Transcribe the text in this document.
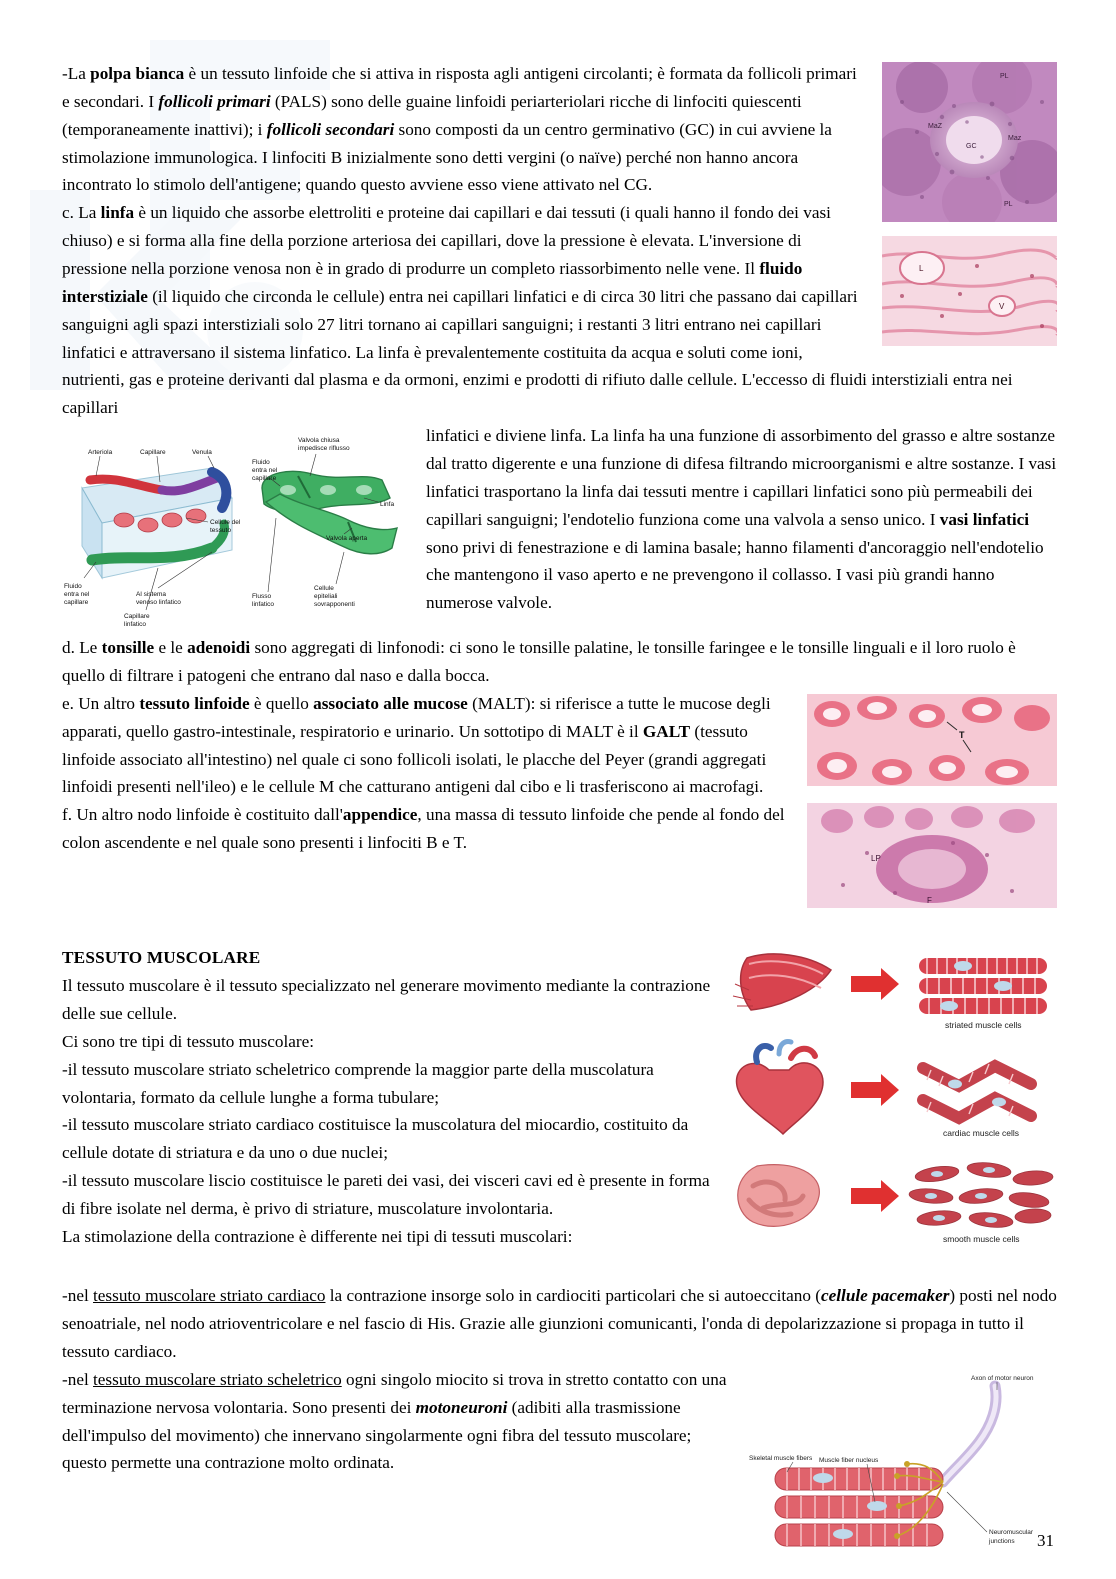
PL
MaZ
GC
Maz
PL

-La polpa bianca è un tessuto linfoide che si attiva in risposta agli antigeni circolanti; è formata da follicoli primari e secondari. I follicoli primari (PALS) sono delle guaine linfoidi periarteriolari ricche di linfociti quiescenti (temporaneamente inattivi); i follicoli secondari sono composti da un centro germinativo (GC) in cui avviene la stimolazione immunologica. I linfociti B inizialmente sono detti vergini (o naïve) perché non hanno ancora incontrato lo stimolo dell'antigene; quando questo avviene esso viene attivato nel CG.

L
V

c. La linfa è un liquido che assorbe elettroliti e proteine dai capillari e dai tessuti (i quali hanno il fondo dei vasi chiuso) e si forma alla fine della porzione arteriosa dei capillari, dove la pressione è elevata. L'inversione di pressione nella porzione venosa non è in grado di produrre un completo riassorbimento nelle vene. Il fluido interstiziale (il liquido che circonda le cellule) entra nei capillari linfatici e di circa 30 litri che passano dai capillari sanguigni agli spazi interstiziali solo 27 litri tornano ai capillari sanguigni; i restanti 3 litri entrano nei capillari linfatici e attraversano il sistema linfatico. La linfa è prevalentemente costituita da acqua e soluti come ioni, nutrienti, gas e proteine derivanti dal plasma e da ormoni, enzimi e prodotti di rifiuto dalle cellule. L'eccesso di fluidi interstiziali entra nei capillari

Arteriola	Capillare	Venula
Fluido
entra nel
capillare
Al sistema
venoso linfatico
Capillare
linfatico
Cellule del
tessuto
Valvola chiusa
impedisce riflusso
Fluido
entra nel
capillare
Linfa
Valvola aperta
Flusso
linfatico
Cellule
epiteliali
sovrapponenti

linfatici e diviene linfa. La linfa ha una funzione di assorbimento del grasso e altre sostanze dal tratto digerente e una funzione di difesa filtrando microorganismi e altre sostanze. I vasi linfatici trasportano la linfa dai tessuti mentre i capillari linfatici sono più permeabili dei capillari sanguigni; l'endotelio funziona come una valvola a senso unico. I vasi linfatici sono privi di fenestrazione e di lamina basale; hanno filamenti d'ancoraggio nell'endotelio che mantengono il vaso aperto e ne prevengono il collasso. I vasi più grandi hanno numerose valvole.

d. Le tonsille e le adenoidi sono aggregati di linfonodi: ci sono le tonsille palatine, le tonsille faringee e le tonsille linguali e il loro ruolo è quello di filtrare i patogeni che entrano dal naso e dalla bocca.

T

e. Un altro tessuto linfoide è quello associato alle mucose (MALT): si riferisce a tutte le mucose degli apparati, quello gastro-intestinale, respiratorio e urinario. Un sottotipo di MALT è il GALT (tessuto linfoide associato all'intestino) nel quale ci sono follicoli isolati, le placche del Peyer (grandi aggregati linfoidi presenti nell'ileo) e le cellule M che catturano antigeni dal cibo e li trasferiscono ai macrofagi.

LP
F

f. Un altro nodo linfoide è costituito dall'appendice, una massa di tessuto linfoide che pende al fondo del colon ascendente e nel quale sono presenti i linfociti B e T.

striated muscle cells
cardiac muscle cells
smooth muscle cells

TESSUTO MUSCOLARE

Il tessuto muscolare è il tessuto specializzato nel generare movimento mediante la contrazione delle sue cellule.

Ci sono tre tipi di tessuto muscolare:

-il tessuto muscolare striato scheletrico comprende la maggior parte della muscolatura volontaria, formato da cellule lunghe a forma tubulare;

-il tessuto muscolare striato cardiaco costituisce la muscolatura del miocardio, costituito da cellule dotate di striatura e da uno o due nuclei;

-il tessuto muscolare liscio costituisce le pareti dei vasi, dei visceri cavi ed è presente in forma di fibre isolate nel derma, è privo di striature, muscolature involontaria.

La stimolazione della contrazione è differente nei tipi di tessuti muscolari:

-nel tessuto muscolare striato cardiaco la contrazione insorge solo in cardiociti particolari che si autoeccitano (cellule pacemaker) posti nel nodo senoatriale, nel nodo atrioventricolare e nel fascio di His. Grazie alle giunzioni comunicanti, l'onda di depolarizzazione si propaga in tutto il tessuto cardiaco.

Axon of motor neuron
Skeletal muscle fibers Muscle fiber nucleus
Neuromuscular
junctions

-nel tessuto muscolare striato scheletrico ogni singolo miocito si trova in stretto contatto con una terminazione nervosa volontaria. Sono presenti dei motoneuroni (adibiti alla trasmissione dell'impulso del movimento) che innervano singolarmente ogni fibra del tessuto muscolare; questo permette una contrazione molto ordinata.

31
